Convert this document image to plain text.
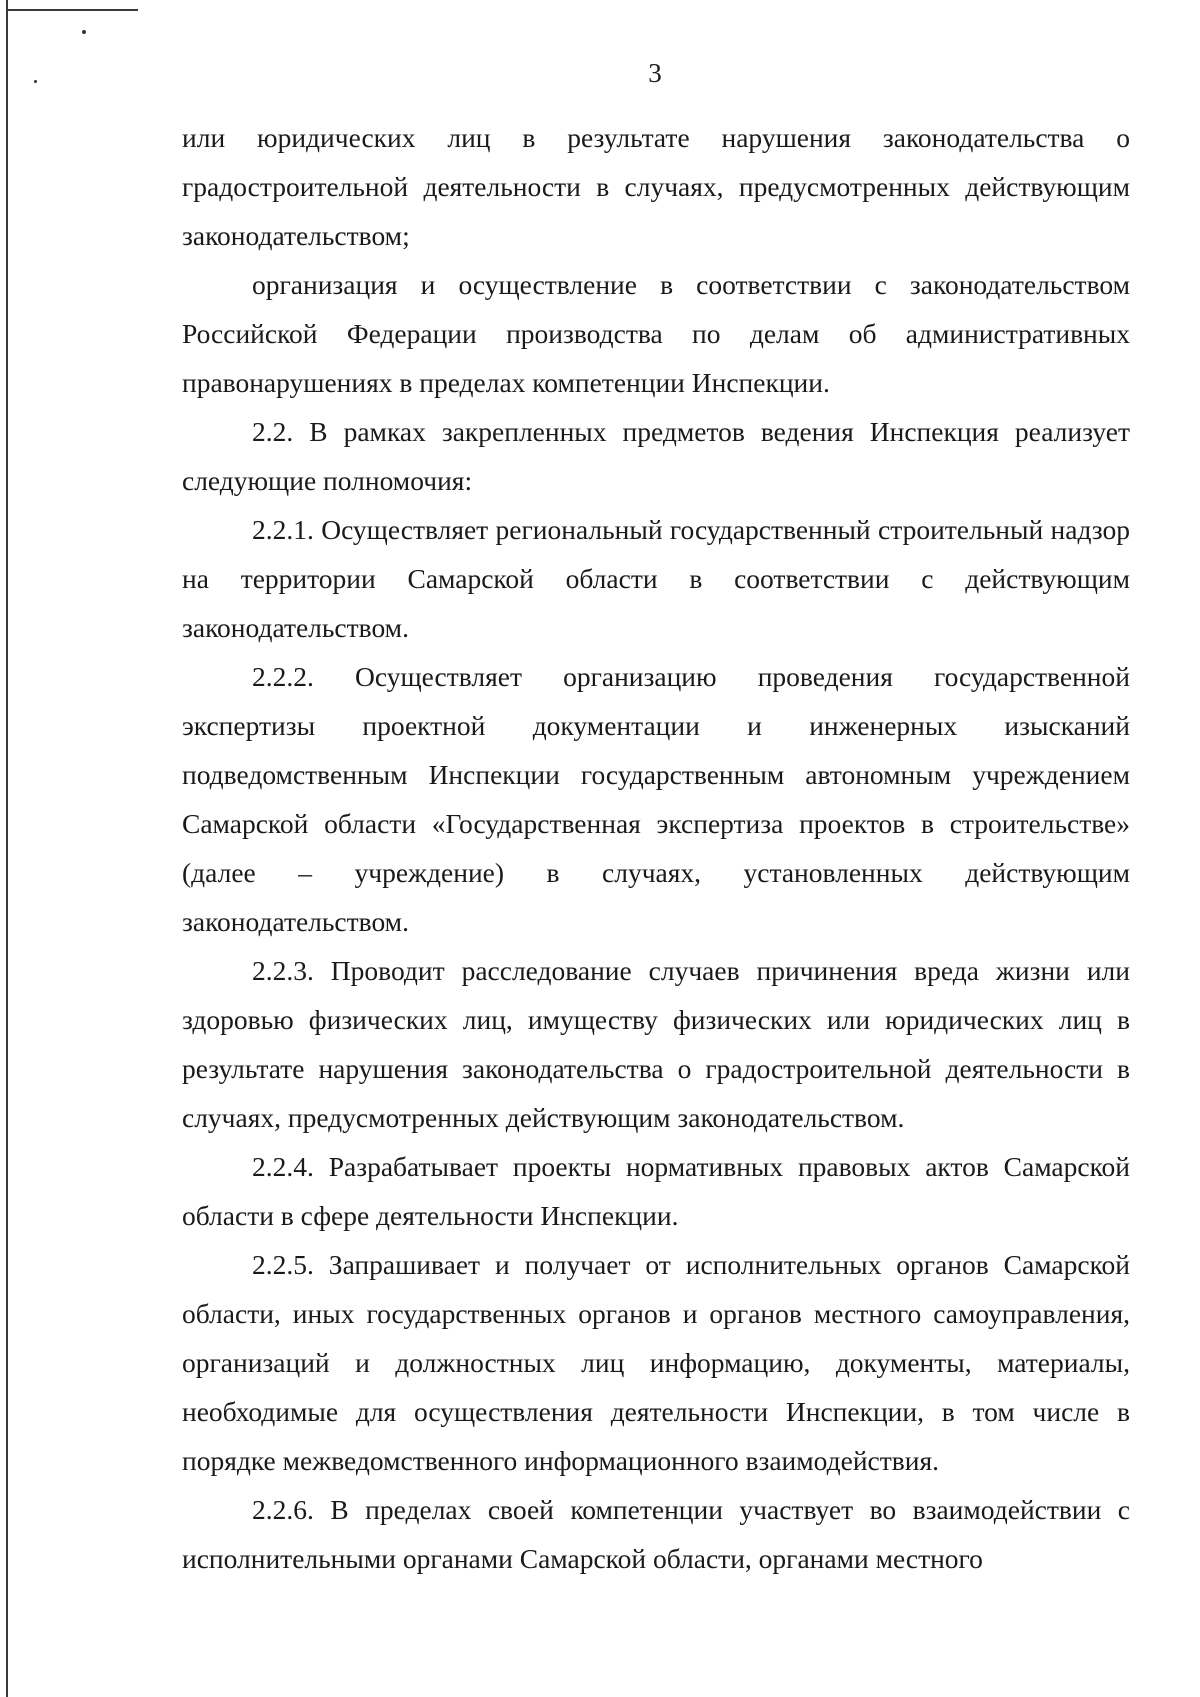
3

или юридических лиц в результате нарушения законодательства о градостроительной деятельности в случаях, предусмотренных действующим законодательством;

организация и осуществление в соответствии с законодательством Российской Федерации производства по делам об административных правонарушениях в пределах компетенции Инспекции.

2.2. В рамках закрепленных предметов ведения Инспекция реализует следующие полномочия:

2.2.1. Осуществляет региональный государственный строительный надзор на территории Самарской области в соответствии с действующим законодательством.

2.2.2. Осуществляет организацию проведения государственной экспертизы проектной документации и инженерных изысканий подведомственным Инспекции государственным автономным учреждением Самарской области «Государственная экспертиза проектов в строительстве» (далее – учреждение) в случаях, установленных действующим законодательством.

2.2.3. Проводит расследование случаев причинения вреда жизни или здоровью физических лиц, имуществу физических или юридических лиц в результате нарушения законодательства о градостроительной деятельности в случаях, предусмотренных действующим законодательством.

2.2.4. Разрабатывает проекты нормативных правовых актов Самарской области в сфере деятельности Инспекции.

2.2.5. Запрашивает и получает от исполнительных органов Самарской области, иных государственных органов и органов местного самоуправления, организаций и должностных лиц информацию, документы, материалы, необходимые для осуществления деятельности Инспекции, в том числе в порядке межведомственного информационного взаимодействия.

2.2.6. В пределах своей компетенции участвует во взаимодействии с исполнительными органами Самарской области, органами местного
